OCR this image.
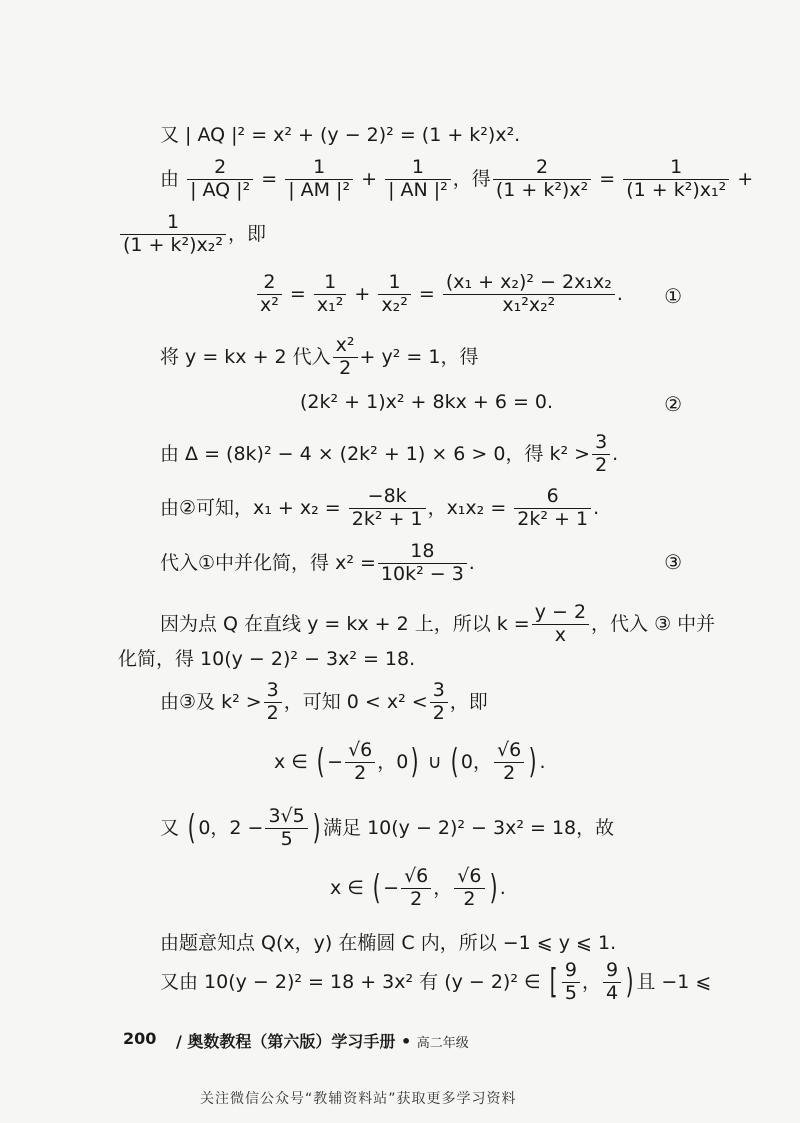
又 | AQ |² = x² + (y − 2)² = (1 + k²)x².
由 $\frac{2}{\text{| AQ |²}} = \frac{1}{\text{| AM |²}} + \frac{1}{\text{| AN |²}}$ ，得 $\frac{2}{\text{(1 + k²)x²}} = \frac{1}{\text{(1 + k²)x₁²}}$ +
$\frac{1}{\text{(1 + k²)x₂²}}$ ，即
$\frac{2}{\text{x²}} = \frac{1}{\text{x₁²}} + \frac{1}{\text{x₂²}} = \frac{\text{(x₁ + x₂)² − 2x₁x₂}}{\text{x₁²x₂²}}$ . ①
将 y = kx + 2 代入 $\frac{\text{x²}}{2} + y^2 = 1$，得
(2k² + 1)x² + 8kx + 6 = 0.	②
由 Δ = (8k)² − 4 × (2k² + 1) × 6 > 0，得 $k^2 > \frac{3}{2}$ .
由②可知，$x_1 + x_2 = \frac{-8k}{\text{2k² + 1}}$ ，$x_1x_2 = \frac{6}{\text{2k² + 1}}$ .
代入①中并化简，得 $x^2 = \frac{18}{\text{10k² − 3}}$ .	③
因为点 Q 在直线 y = kx + 2 上，所以 $k = \frac{y - 2}{x}$ ，代入 ③ 中并
化简，得 10(y − 2)² − 3x² = 18.
由③及 $k^2 > \frac{3}{2}$ ，可知 $0 < x^2 < \frac{3}{2}$ ，即
x ∈ ( − $\frac{√6}{2}$ ，0) ∪ ( 0， $\frac{√6}{2}$ ) .
又 ( 0，$2 - \frac{3√5}{5}$ ) 满足 10(y − 2)² − 3x² = 18，故
x ∈ ( − $\frac{√6}{2}$ ， $\frac{√6}{2}$ ) .
由题意知点 Q(x，y) 在椭圆 C 内，所以 −1 ⩽ y ⩽ 1.
又由 10(y − 2)² = 18 + 3x² 有 (y − 2)² ∈ [ $\frac{9}{5}$ ， $\frac{9}{4}$ ) 且 −1 ⩽
200 / 奥数教程（第六版）学习手册 • 高二年级
关注微信公众号“教辅资料站”获取更多学习资料
